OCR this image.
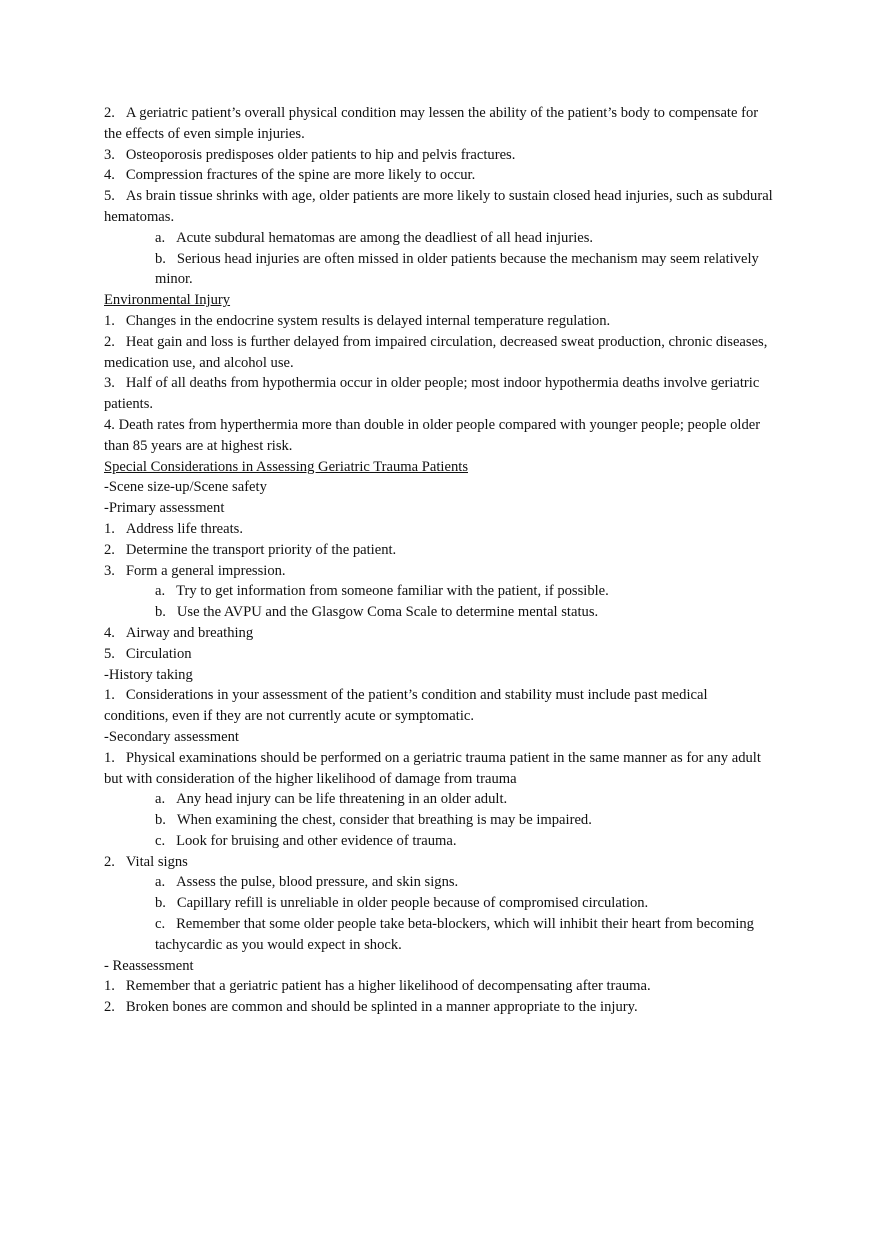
2.   A geriatric patient’s overall physical condition may lessen the ability of the patient’s body to compensate for the effects of even simple injuries.

3.   Osteoporosis predisposes older patients to hip and pelvis fractures.

4.   Compression fractures of the spine are more likely to occur.

5.   As brain tissue shrinks with age, older patients are more likely to sustain closed head injuries, such as subdural hematomas.

a.   Acute subdural hematomas are among the deadliest of all head injuries.

b.   Serious head injuries are often missed in older patients because the mechanism may seem relatively minor.

Environmental Injury

1.   Changes in the endocrine system results is delayed internal temperature regulation.

2.   Heat gain and loss is further delayed from impaired circulation, decreased sweat production, chronic diseases, medication use, and alcohol use.

3.   Half of all deaths from hypothermia occur in older people; most indoor hypothermia deaths involve geriatric patients.

4. Death rates from hyperthermia more than double in older people compared with younger people; people older than 85 years are at highest risk.

Special Considerations in Assessing Geriatric Trauma Patients

-Scene size-up/Scene safety

-Primary assessment

1.   Address life threats.

2.   Determine the transport priority of the patient.

3.   Form a general impression.

a.   Try to get information from someone familiar with the patient, if possible.

b.   Use the AVPU and the Glasgow Coma Scale to determine mental status.

4.   Airway and breathing

5.   Circulation

-History taking

1.   Considerations in your assessment of the patient’s condition and stability must include past medical conditions, even if they are not currently acute or symptomatic.

-Secondary assessment

1.   Physical examinations should be performed on a geriatric trauma patient in the same manner as for any adult but with consideration of the higher likelihood of damage from trauma

a.   Any head injury can be life threatening in an older adult.

b.   When examining the chest, consider that breathing is may be impaired.

c.   Look for bruising and other evidence of trauma.

2.   Vital signs

a.   Assess the pulse, blood pressure, and skin signs.

b.   Capillary refill is unreliable in older people because of compromised circulation.

c.   Remember that some older people take beta-blockers, which will inhibit their heart from becoming tachycardic as you would expect in shock.

- Reassessment

1.   Remember that a geriatric patient has a higher likelihood of decompensating after trauma.

2.   Broken bones are common and should be splinted in a manner appropriate to the injury.
